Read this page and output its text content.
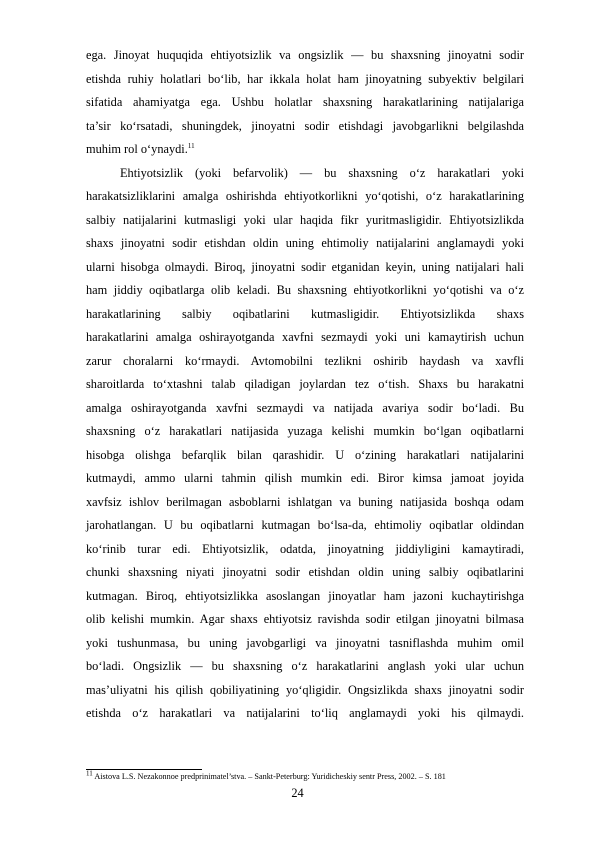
ega. Jinoyat huquqida ehtiyotsizlik va ongsizlik — bu shaxsning jinoyatni sodir

etishda ruhiy holatlari bo‘lib, har ikkala holat ham jinoyatning subyektiv belgilari

sifatida ahamiyatga ega. Ushbu holatlar shaxsning harakatlarining natijalariga

ta’sir ko‘rsatadi, shuningdek, jinoyatni sodir etishdagi javobgarlikni belgilashda

muhim rol o‘ynaydi.$^{11}$

Ehtiyotsizlik (yoki befarvolik) — bu shaxsning o‘z harakatlari yoki

harakatsizliklarini amalga oshirishda ehtiyotkorlikni yo‘qotishi, o‘z harakatlarining

salbiy natijalarini kutmasligi yoki ular haqida fikr yuritmasligidir. Ehtiyotsizlikda

shaxs jinoyatni sodir etishdan oldin uning ehtimoliy natijalarini anglamaydi yoki

ularni hisobga olmaydi. Biroq, jinoyatni sodir etganidan keyin, uning natijalari hali

ham jiddiy oqibatlarga olib keladi. Bu shaxsning ehtiyotkorlikni yo‘qotishi va o‘z

harakatlarining salbiy oqibatlarini kutmasligidir. Ehtiyotsizlikda shaxs

harakatlarini amalga oshirayotganda xavfni sezmaydi yoki uni kamaytirish uchun

zarur choralarni ko‘rmaydi. Avtomobilni tezlikni oshirib haydash va xavfli

sharoitlarda to‘xtashni talab qiladigan joylardan tez o‘tish. Shaxs bu harakatni

amalga oshirayotganda xavfni sezmaydi va natijada avariya sodir bo‘ladi. Bu

shaxsning o‘z harakatlari natijasida yuzaga kelishi mumkin bo‘lgan oqibatlarni

hisobga olishga befarqlik bilan qarashidir. U o‘zining harakatlari natijalarini

kutmaydi, ammo ularni tahmin qilish mumkin edi. Biror kimsa jamoat joyida

xavfsiz ishlov berilmagan asboblarni ishlatgan va buning natijasida boshqa odam

jarohatlangan. U bu oqibatlarni kutmagan bo‘lsa-da, ehtimoliy oqibatlar oldindan

ko‘rinib turar edi. Ehtiyotsizlik, odatda, jinoyatning jiddiyligini kamaytiradi,

chunki shaxsning niyati jinoyatni sodir etishdan oldin uning salbiy oqibatlarini

kutmagan. Biroq, ehtiyotsizlikka asoslangan jinoyatlar ham jazoni kuchaytirishga

olib kelishi mumkin. Agar shaxs ehtiyotsiz ravishda sodir etilgan jinoyatni bilmasa

yoki tushunmasa, bu uning javobgarligi va jinoyatni tasniflashda muhim omil

bo‘ladi. Ongsizlik — bu shaxsning o‘z harakatlarini anglash yoki ular uchun

mas’uliyatni his qilish qobiliyatining yo‘qligidir. Ongsizlikda shaxs jinoyatni sodir

etishda o‘z harakatlari va natijalarini to‘liq anglamaydi yoki his qilmaydi.

$^{11}$ Aistova L.S. Nezakonnoe predprinimatel’stva. – Sankt-Peterburg: Yuridicheskiy sentr Press, 2002. – S. 181
24
